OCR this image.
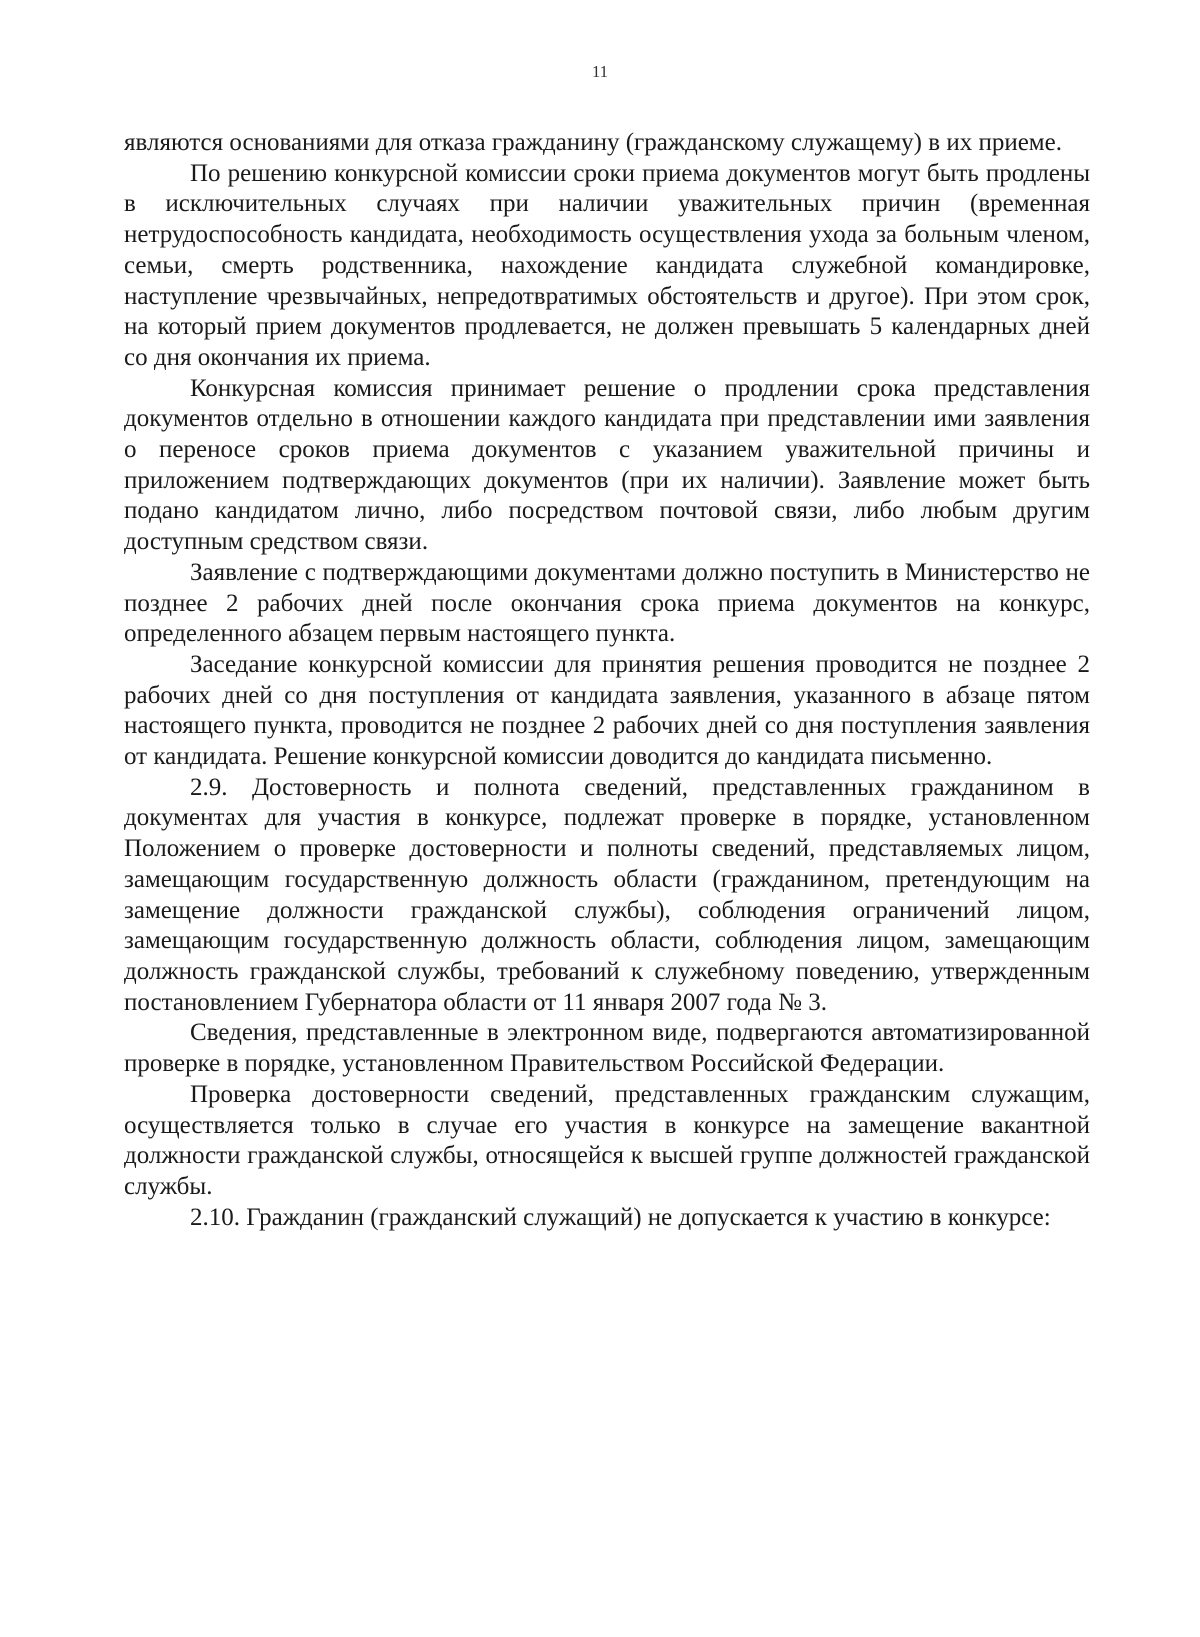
11

являются основаниями для отказа гражданину (гражданскому служащему) в их приеме.

По решению конкурсной комиссии сроки приема документов могут быть продлены в исключительных случаях при наличии уважительных причин (временная нетрудоспособность кандидата, необходимость осуществления ухода за больным членом, семьи, смерть родственника, нахождение кандидата служебной командировке, наступление чрезвычайных, непредотвратимых обстоятельств и другое). При этом срок, на который прием документов продлевается, не должен превышать 5 календарных дней со дня окончания их приема.

Конкурсная комиссия принимает решение о продлении срока представления документов отдельно в отношении каждого кандидата при представлении ими заявления о переносе сроков приема документов с указанием уважительной причины и приложением подтверждающих документов (при их наличии). Заявление может быть подано кандидатом лично, либо посредством почтовой связи, либо любым другим доступным средством связи.

Заявление с подтверждающими документами должно поступить в Министерство не позднее 2 рабочих дней после окончания срока приема документов на конкурс, определенного абзацем первым настоящего пункта.

Заседание конкурсной комиссии для принятия решения проводится не позднее 2 рабочих дней со дня поступления от кандидата заявления, указанного в абзаце пятом настоящего пункта, проводится не позднее 2 рабочих дней со дня поступления заявления от кандидата. Решение конкурсной комиссии доводится до кандидата письменно.

2.9. Достоверность и полнота сведений, представленных гражданином в документах для участия в конкурсе, подлежат проверке в порядке, установленном Положением о проверке достоверности и полноты сведений, представляемых лицом, замещающим государственную должность области (гражданином, претендующим на замещение должности гражданской службы), соблюдения ограничений лицом, замещающим государственную должность области, соблюдения лицом, замещающим должность гражданской службы, требований к служебному поведению, утвержденным постановлением Губернатора области от 11 января 2007 года № 3.

Сведения, представленные в электронном виде, подвергаются автоматизированной проверке в порядке, установленном Правительством Российской Федерации.

Проверка достоверности сведений, представленных гражданским служащим, осуществляется только в случае его участия в конкурсе на замещение вакантной должности гражданской службы, относящейся к высшей группе должностей гражданской службы.

2.10. Гражданин (гражданский служащий) не допускается к участию в конкурсе:
